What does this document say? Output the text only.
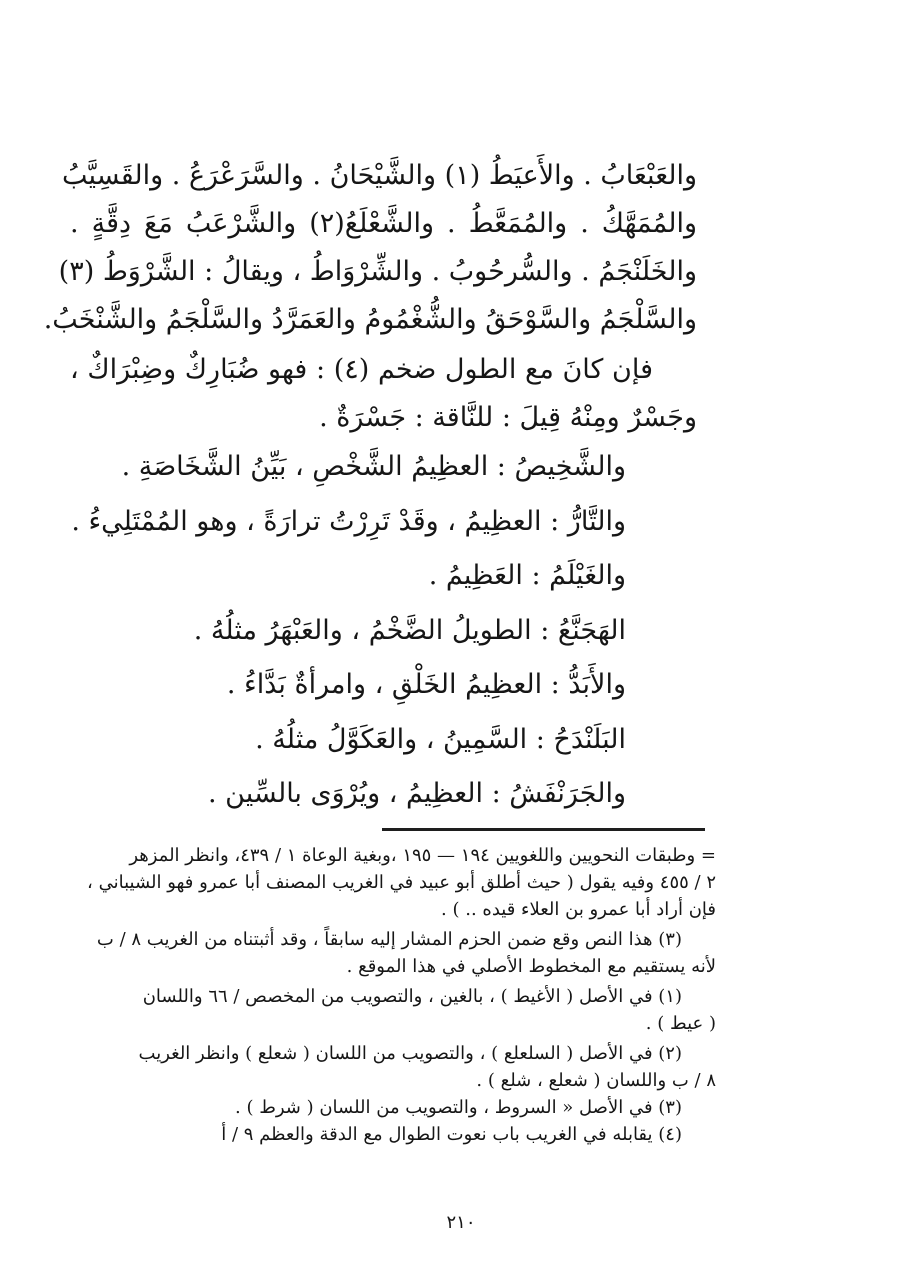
والعَبْعَابُ . والأَعيَطُ (١) والشَّيْحَانُ . والسَّرَعْرَعُ . والقَسِيَّبُ
والمُمَهَّكُ . والمُمَعَّطُ . والشَّعْلَعُ(٢) والشَّرْعَبُ مَعَ دِقَّةٍ .
والخَلَنْجَمُ . والسُّرحُوبُ . والشِّرْوَاطُ ، ويقالُ : الشَّرْوَطُ (٣)
والسَّلْجَمُ والسَّوْحَقُ والشُّغْمُومُ والعَمَرَّدُ والسَّلْجَمُ والشَّنْخَبُ.
فإن كانَ مع الطول ضخم (٤) : فهو ضُبَارِكٌ وضِبْرَاكٌ ،
وجَسْرٌ ومِنْهُ قِيلَ : للنَّاقة : جَسْرَةٌ .
والشَّخِيصُ : العظِيمُ الشَّخْصِ ، بَيِّنُ الشَّخَاصَةِ .
والتَّارُّ : العظِيمُ ، وقَدْ تَرِرْتُ ترارَةً ، وهو المُمْتَلِيءُ .
والغَيْلَمُ : العَظِيمُ .
الهَجَنَّعُ : الطويلُ الضَّخْمُ ، والعَبْهَرُ مثلُهُ .
والأَبَدُّ : العظِيمُ الخَلْقِ ، وامرأةٌ بَدَّاءُ .
البَلَنْدَحُ : السَّمِينُ ، والعَكَوَّلُ مثلُهُ .
والجَرَنْفَشُ : العظِيمُ ، ويُرْوَى بالسِّين .
= وطبقات النحويين واللغويين ١٩٤ — ١٩٥ ،وبغية الوعاة ١ / ٤٣٩، وانظر المزهر
٢ / ٤٥٥ وفيه يقول ( حيث أطلق أبو عبيد في الغريب المصنف أبا عمرو فهو الشيباني ،
فإن أراد أبا عمرو بن العلاء قيده .. ) .
(٣) هذا النص وقع ضمن الحزم المشار إليه سابقاً ، وقد أثبتناه من الغريب ٨ / ب
لأنه يستقيم مع المخطوط الأصلي في هذا الموقع .
(١) في الأصل ( الأغيط ) ، بالغين ، والتصويب من المخصص / ٦٦ واللسان
( عيط ) .
(٢) في الأصل ( السلعلع ) ، والتصويب من اللسان ( شعلع ) وانظر الغريب
٨ / ب واللسان ( شعلع ، شلع ) .
(٣) في الأصل « السروط ، والتصويب من اللسان ( شرط ) .
(٤) يقابله في الغريب باب نعوت الطوال مع الدقة والعظم ٩ / أ
٢١٠
